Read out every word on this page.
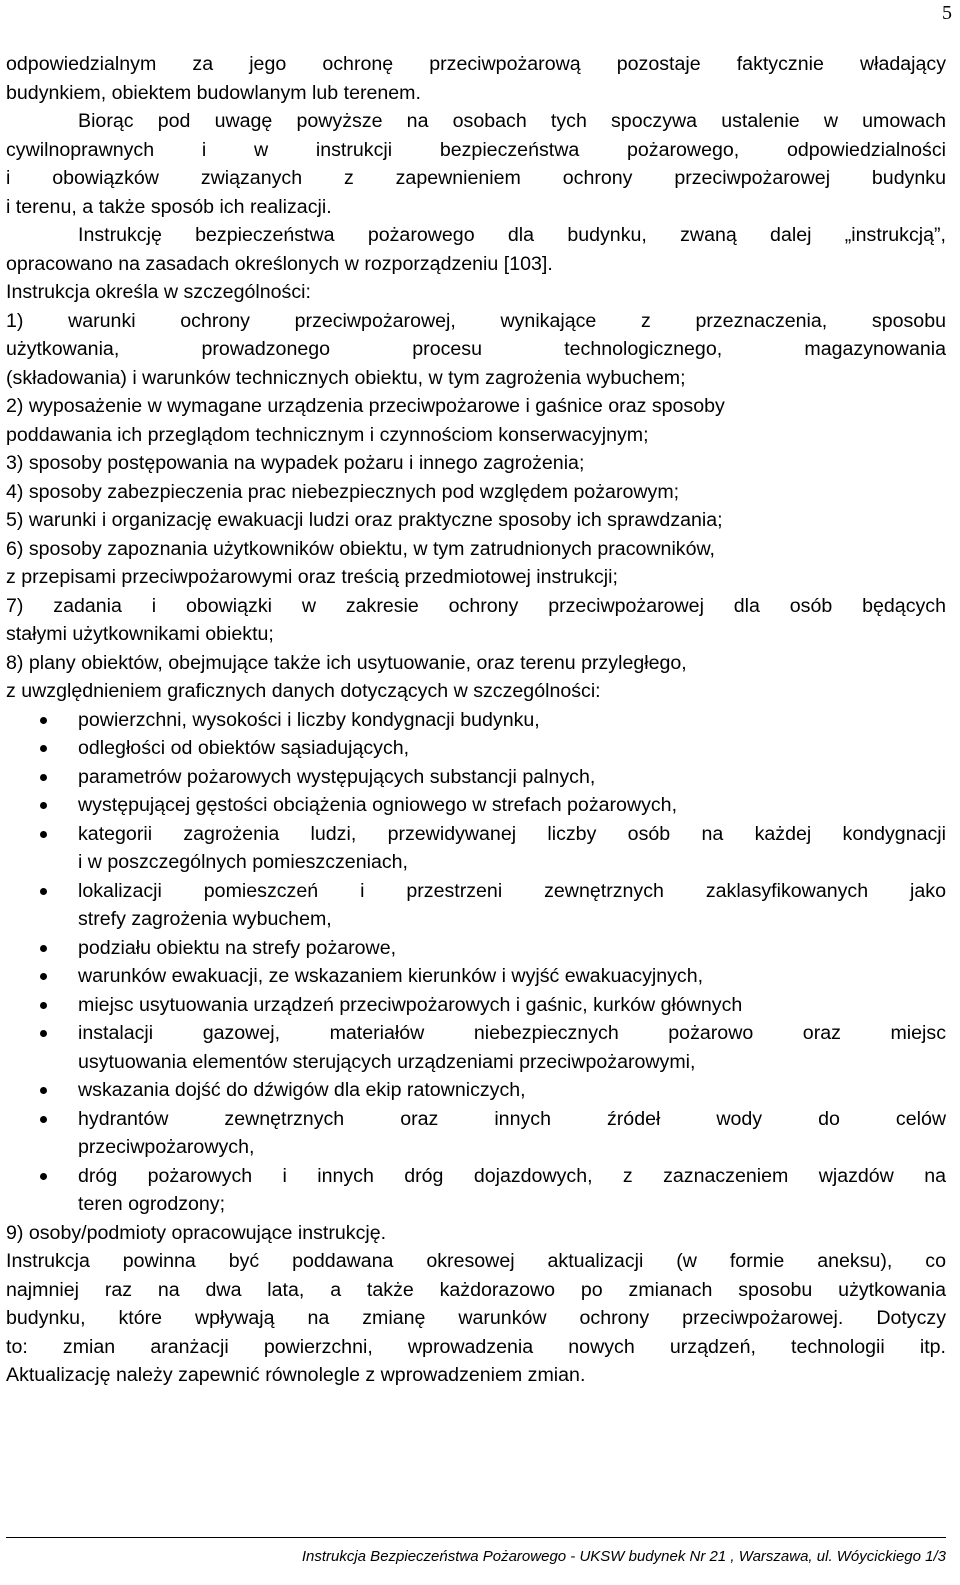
5
odpowiedzialnym za jego ochronę przeciwpożarową pozostaje faktycznie władający
budynkiem, obiektem budowlanym lub terenem.
Biorąc pod uwagę powyższe na osobach tych spoczywa ustalenie w umowach
cywilnoprawnych i w instrukcji bezpieczeństwa pożarowego, odpowiedzialności
i obowiązków związanych z zapewnieniem ochrony przeciwpożarowej budynku
i terenu, a także sposób ich realizacji.
Instrukcję bezpieczeństwa pożarowego dla budynku, zwaną dalej „instrukcją”,
opracowano na zasadach określonych w rozporządzeniu [103].
Instrukcja określa w szczególności:
1) warunki ochrony przeciwpożarowej, wynikające z przeznaczenia, sposobu
użytkowania, prowadzonego procesu technologicznego, magazynowania
(składowania) i warunków technicznych obiektu, w tym zagrożenia wybuchem;
2) wyposażenie w wymagane urządzenia przeciwpożarowe i gaśnice oraz sposoby
poddawania ich przeglądom technicznym i czynnościom konserwacyjnym;
3) sposoby postępowania na wypadek pożaru i innego zagrożenia;
4) sposoby zabezpieczenia prac niebezpiecznych pod względem pożarowym;
5) warunki i organizację ewakuacji ludzi oraz praktyczne sposoby ich sprawdzania;
6) sposoby zapoznania użytkowników obiektu, w tym zatrudnionych pracowników,
z przepisami przeciwpożarowymi oraz treścią przedmiotowej instrukcji;
7) zadania i obowiązki w zakresie ochrony przeciwpożarowej dla osób będących
stałymi użytkownikami obiektu;
8) plany obiektów, obejmujące także ich usytuowanie, oraz terenu przyległego,
z uwzględnieniem graficznych danych dotyczących w szczególności:
powierzchni, wysokości i liczby kondygnacji budynku,
odległości od obiektów sąsiadujących,
parametrów pożarowych występujących substancji palnych,
występującej gęstości obciążenia ogniowego w strefach pożarowych,
kategorii zagrożenia ludzi, przewidywanej liczby osób na każdej kondygnacji
i w poszczególnych pomieszczeniach,
lokalizacji pomieszczeń i przestrzeni zewnętrznych zaklasyfikowanych jako
strefy zagrożenia wybuchem,
podziału obiektu na strefy pożarowe,
warunków ewakuacji, ze wskazaniem kierunków i wyjść ewakuacyjnych,
miejsc usytuowania urządzeń przeciwpożarowych i gaśnic, kurków głównych
instalacji gazowej, materiałów niebezpiecznych pożarowo oraz miejsc
usytuowania elementów sterujących urządzeniami przeciwpożarowymi,
wskazania dojść do dźwigów dla ekip ratowniczych,
hydrantów zewnętrznych oraz innych źródeł wody do celów
przeciwpożarowych,
dróg pożarowych i innych dróg dojazdowych, z zaznaczeniem wjazdów na
teren ogrodzony;
9) osoby/podmioty opracowujące instrukcję.
Instrukcja powinna być poddawana okresowej aktualizacji (w formie aneksu), co
najmniej raz na dwa lata, a także każdorazowo po zmianach sposobu użytkowania
budynku, które wpływają na zmianę warunków ochrony przeciwpożarowej. Dotyczy
to: zmian aranżacji powierzchni, wprowadzenia nowych urządzeń, technologii itp.
Aktualizację należy zapewnić równolegle z wprowadzeniem zmian.
Instrukcja Bezpieczeństwa Pożarowego - UKSW budynek Nr 21 , Warszawa, ul. Wóycickiego 1/3
